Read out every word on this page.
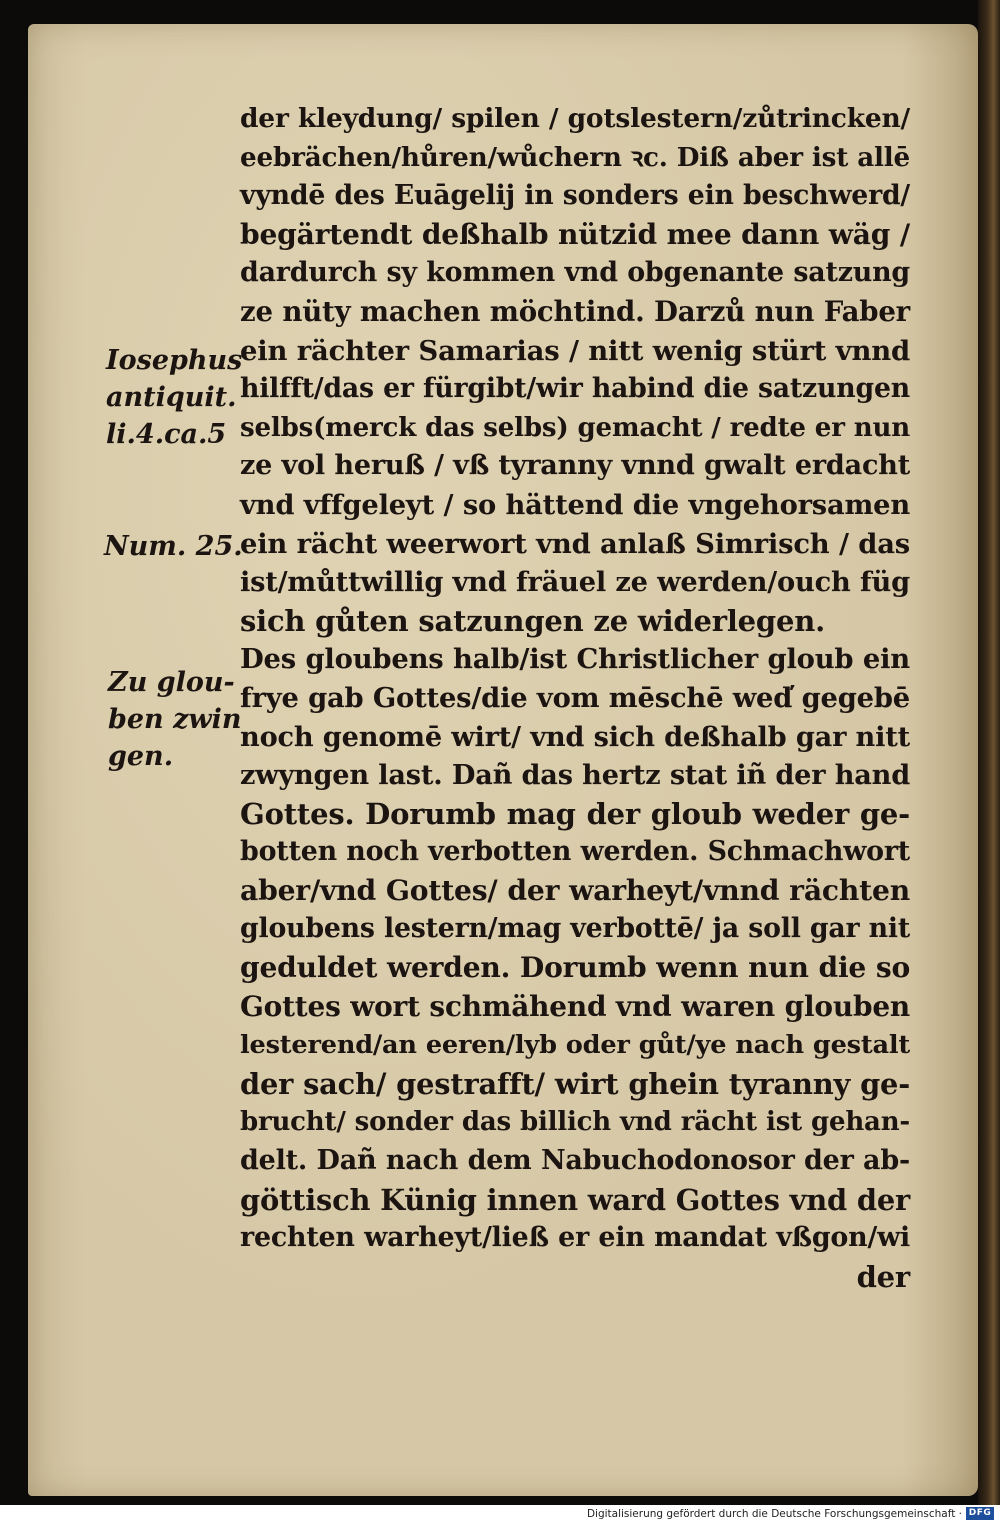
Iosephus
antiquit.
li.4.ca.5
Num. 25.
Zu glou-
ben zwin
gen.
der kleydung/ spilen / gotslestern/zůtrincken/
eebrächen/hůren/wůchern ꝛc. Diß aber ist allē
vyndē des Euāgelij in sonders ein beschwerd/
begärtendt deßhalb nützid mee dann wäg /
dardurch sy kommen vnd obgenante satzung
ze nüty machen möchtind. Darzů nun Faber
ein rächter Samarias / nitt wenig stürt vnnd
hilfft/das er fürgibt/wir habind die satzungen
selbs(merck das selbs) gemacht / redte er nun
ze vol heruß / vß tyranny vnnd gwalt erdacht
vnd vffgeleyt / so hättend die vngehorsamen
ein rächt weerwort vnd anlaß Simrisch / das
ist/můttwillig vnd fräuel ze werden/ouch füg
sich gůten satzungen ze widerlegen.
Des gloubens halb/ist Christlicher gloub ein
frye gab Gottes/die vom mēschē wed̕ gegebē
noch genomē wirt/ vnd sich deßhalb gar nitt
zwyngen last. Dañ das hertz stat iñ der hand
Gottes. Dorumb mag der gloub weder ge-
botten noch verbotten werden. Schmachwort
aber/vnd Gottes/ der warheyt/vnnd rächten
gloubens lestern/mag verbottē/ ja soll gar nit
geduldet werden. Dorumb wenn nun die so
Gottes wort schmähend vnd waren glouben
lesterend/an eeren/lyb oder gůt/ye nach gestalt
der sach/ gestrafft/ wirt ghein tyranny ge-
brucht/ sonder das billich vnd rächt ist gehan-
delt. Dañ nach dem Nabuchodonosor der ab-
göttisch Künig innen ward Gottes vnd der
rechten warheyt/ließ er ein mandat vßgon/wi
der
Digitalisierung gefördert durch die Deutsche Forschungsgemeinschaft · DFG
